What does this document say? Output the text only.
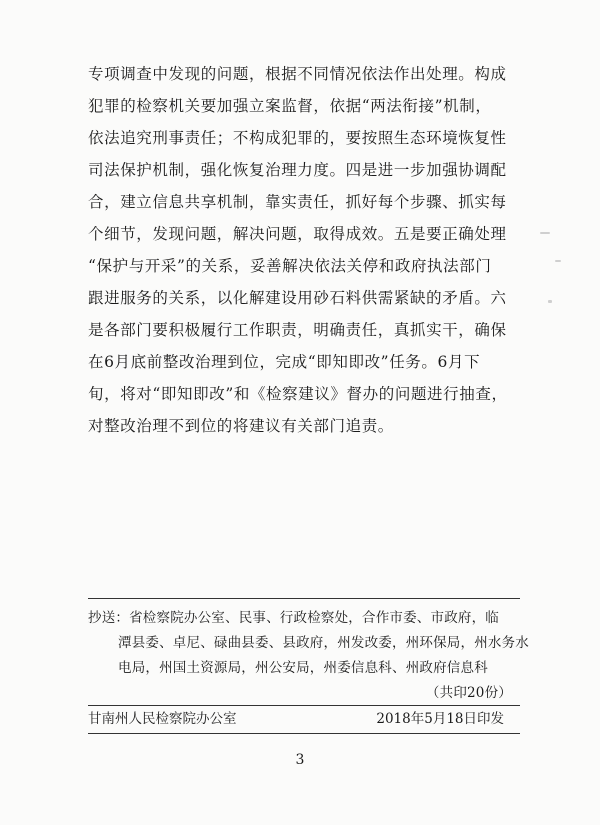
专项调查中发现的问题，根据不同情况依法作出处理。构成
犯罪的检察机关要加强立案监督，依据“两法衔接”机制，
依法追究刑事责任；不构成犯罪的，要按照生态环境恢复性
司法保护机制，强化恢复治理力度。四是进一步加强协调配
合，建立信息共享机制，靠实责任，抓好每个步骤、抓实每
个细节，发现问题，解决问题，取得成效。五是要正确处理
“保护与开采”的关系，妥善解决依法关停和政府执法部门
跟进服务的关系，以化解建设用砂石料供需紧缺的矛盾。六
是各部门要积极履行工作职责，明确责任，真抓实干，确保
在6月底前整改治理到位，完成“即知即改”任务。6月下
旬，将对“即知即改”和《检察建议》督办的问题进行抽查，
对整改治理不到位的将建议有关部门追责。
抄送：省检察院办公室、民事、行政检察处，合作市委、市政府，临
潭县委、卓尼、碌曲县委、县政府，州发改委，州环保局，州水务水
电局，州国土资源局，州公安局，州委信息科、州政府信息科
（共印20份）
甘南州人民检察院办公室	2018年5月18日印发
3
